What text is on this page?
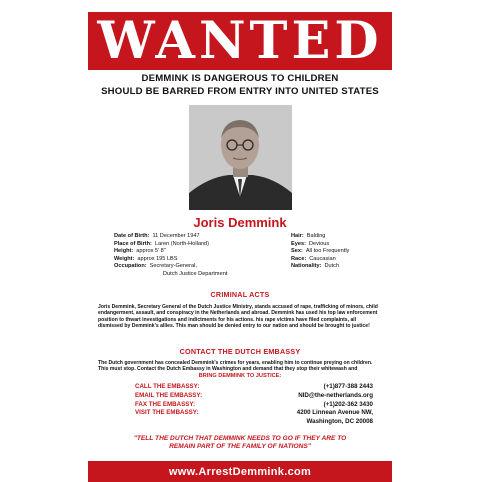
WANTED
DEMMINK IS DANGEROUS TO CHILDREN
SHOULD BE BARRED FROM ENTRY INTO UNITED STATES
Joris Demmink
Date of Birth: 11 December 1947
Place of Birth: Laren (North-Holland)
Height: approx 5' 8"
Weight: approx 195 LBS
Occupation: Secretary-General,
Dutch Justice Department
Hair: Balding
Eyes: Devious
Sex: All too Frequently
Race: Caucasian
Nationality: Dutch
CRIMINAL ACTS
Joris Demmink, Secretary General of the Dutch Justice Ministry, stands accused of rape, trafficking of minors, child endangerment, assault, and conspiracy in the Netherlands and abroad. Demmink has used his top law enforcement position to thwart investigations and indictments for his actions. his rape victims have filed complaints, all dismissed by Demmink's allies. This man should be denied entry to our nation and should be brought to justice!
CONTACT THE DUTCH EMBASSY
The Dutch government has concealed Demmink's crimes for years, enabling him to continue preying on children. This must stop. Contact the Dutch Embassy in Washington and demand that they stop their whitewash and
BRING DEMMINK TO JUSTICE:
CALL THE EMBASSY:
EMAIL THE EMBASSY:
FAX THE EMBASSY:
VISIT THE EMBASSY:
(+1)877-388 2443
NID@the-netherlands.org
(+1)202-362 3430
4200 Linnean Avenue NW,
Washington, DC 20008
"TELL THE DUTCH THAT DEMMINK NEEDS TO GO IF THEY ARE TO
REMAIN PART OF THE FAMILY OF NATIONS"
www.ArrestDemmink.com
